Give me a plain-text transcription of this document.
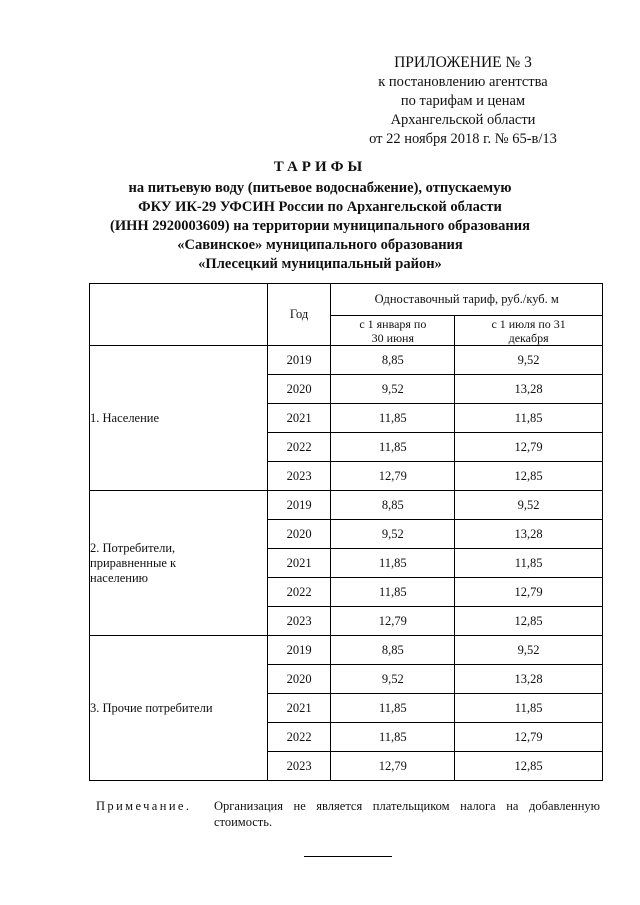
ПРИЛОЖЕНИЕ № 3
к постановлению агентства
по тарифам и ценам
Архангельской области
от 22 ноября 2018 г. № 65-в/13
ТАРИФЫ
на питьевую воду (питьевое водоснабжение), отпускаемую
ФКУ ИК-29 УФСИН России по Архангельской области
(ИНН 2920003609) на территории муниципального образования
«Савинское» муниципального образования
«Плесецкий муниципальный район»
	Год	Одноставочный тариф, руб./куб. м	
		с 1 января по 30 июня	с 1 июля по 31 декабря
1. Население	2019	8,85	9,52
	2020	9,52	13,28
	2021	11,85	11,85
	2022	11,85	12,79
	2023	12,79	12,85
2. Потребители, приравненные к населению	2019	8,85	9,52
	2020	9,52	13,28
	2021	11,85	11,85
	2022	11,85	12,79
	2023	12,79	12,85
3. Прочие потребители	2019	8,85	9,52
	2020	9,52	13,28
	2021	11,85	11,85
	2022	11,85	12,79
	2023	12,79	12,85
Примечание. Организация не является плательщиком налога на добавленную стоимость.
